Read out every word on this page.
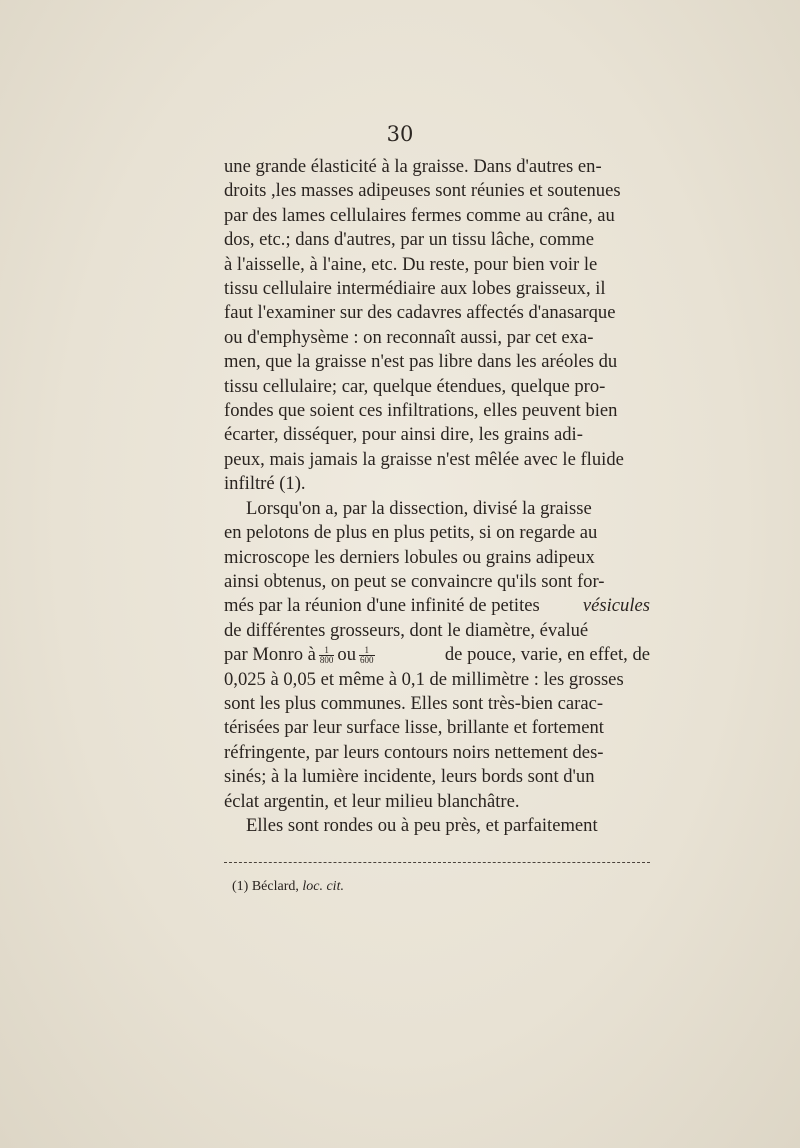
30
une grande élasticité à la graisse. Dans d'autres en-
droits ,les masses adipeuses sont réunies et soutenues
par des lames cellulaires fermes comme au crâne, au
dos, etc.; dans d'autres, par un tissu lâche, comme
à l'aisselle, à l'aine, etc. Du reste, pour bien voir le
tissu cellulaire intermédiaire aux lobes graisseux, il
faut l'examiner sur des cadavres affectés d'anasarque
ou d'emphysème : on reconnaît aussi, par cet exa-
men, que la graisse n'est pas libre dans les aréoles du
tissu cellulaire; car, quelque étendues, quelque pro-
fondes que soient ces infiltrations, elles peuvent bien
écarter, disséquer, pour ainsi dire, les grains adi-
peux, mais jamais la graisse n'est mêlée avec le fluide
infiltré (1).
Lorsqu'on a, par la dissection, divisé la graisse
en pelotons de plus en plus petits, si on regarde au
microscope les derniers lobules ou grains adipeux
ainsi obtenus, on peut se convaincre qu'ils sont for-
més par la réunion d'une infinité de petites vésicules
de différentes grosseurs, dont le diamètre, évalué
par Monro à $\frac{1}{800}$ ou $\frac{1}{600}$	de pouce, varie, en effet, de
0,025 à 0,05 et même à 0,1 de millimètre : les grosses
sont les plus communes. Elles sont très-bien carac-
térisées par leur surface lisse, brillante et fortement
réfringente, par leurs contours noirs nettement des-
sinés; à la lumière incidente, leurs bords sont d'un
éclat argentin, et leur milieu blanchâtre.
Elles sont rondes ou à peu près, et parfaitement
(1) Béclard, loc. cit.
